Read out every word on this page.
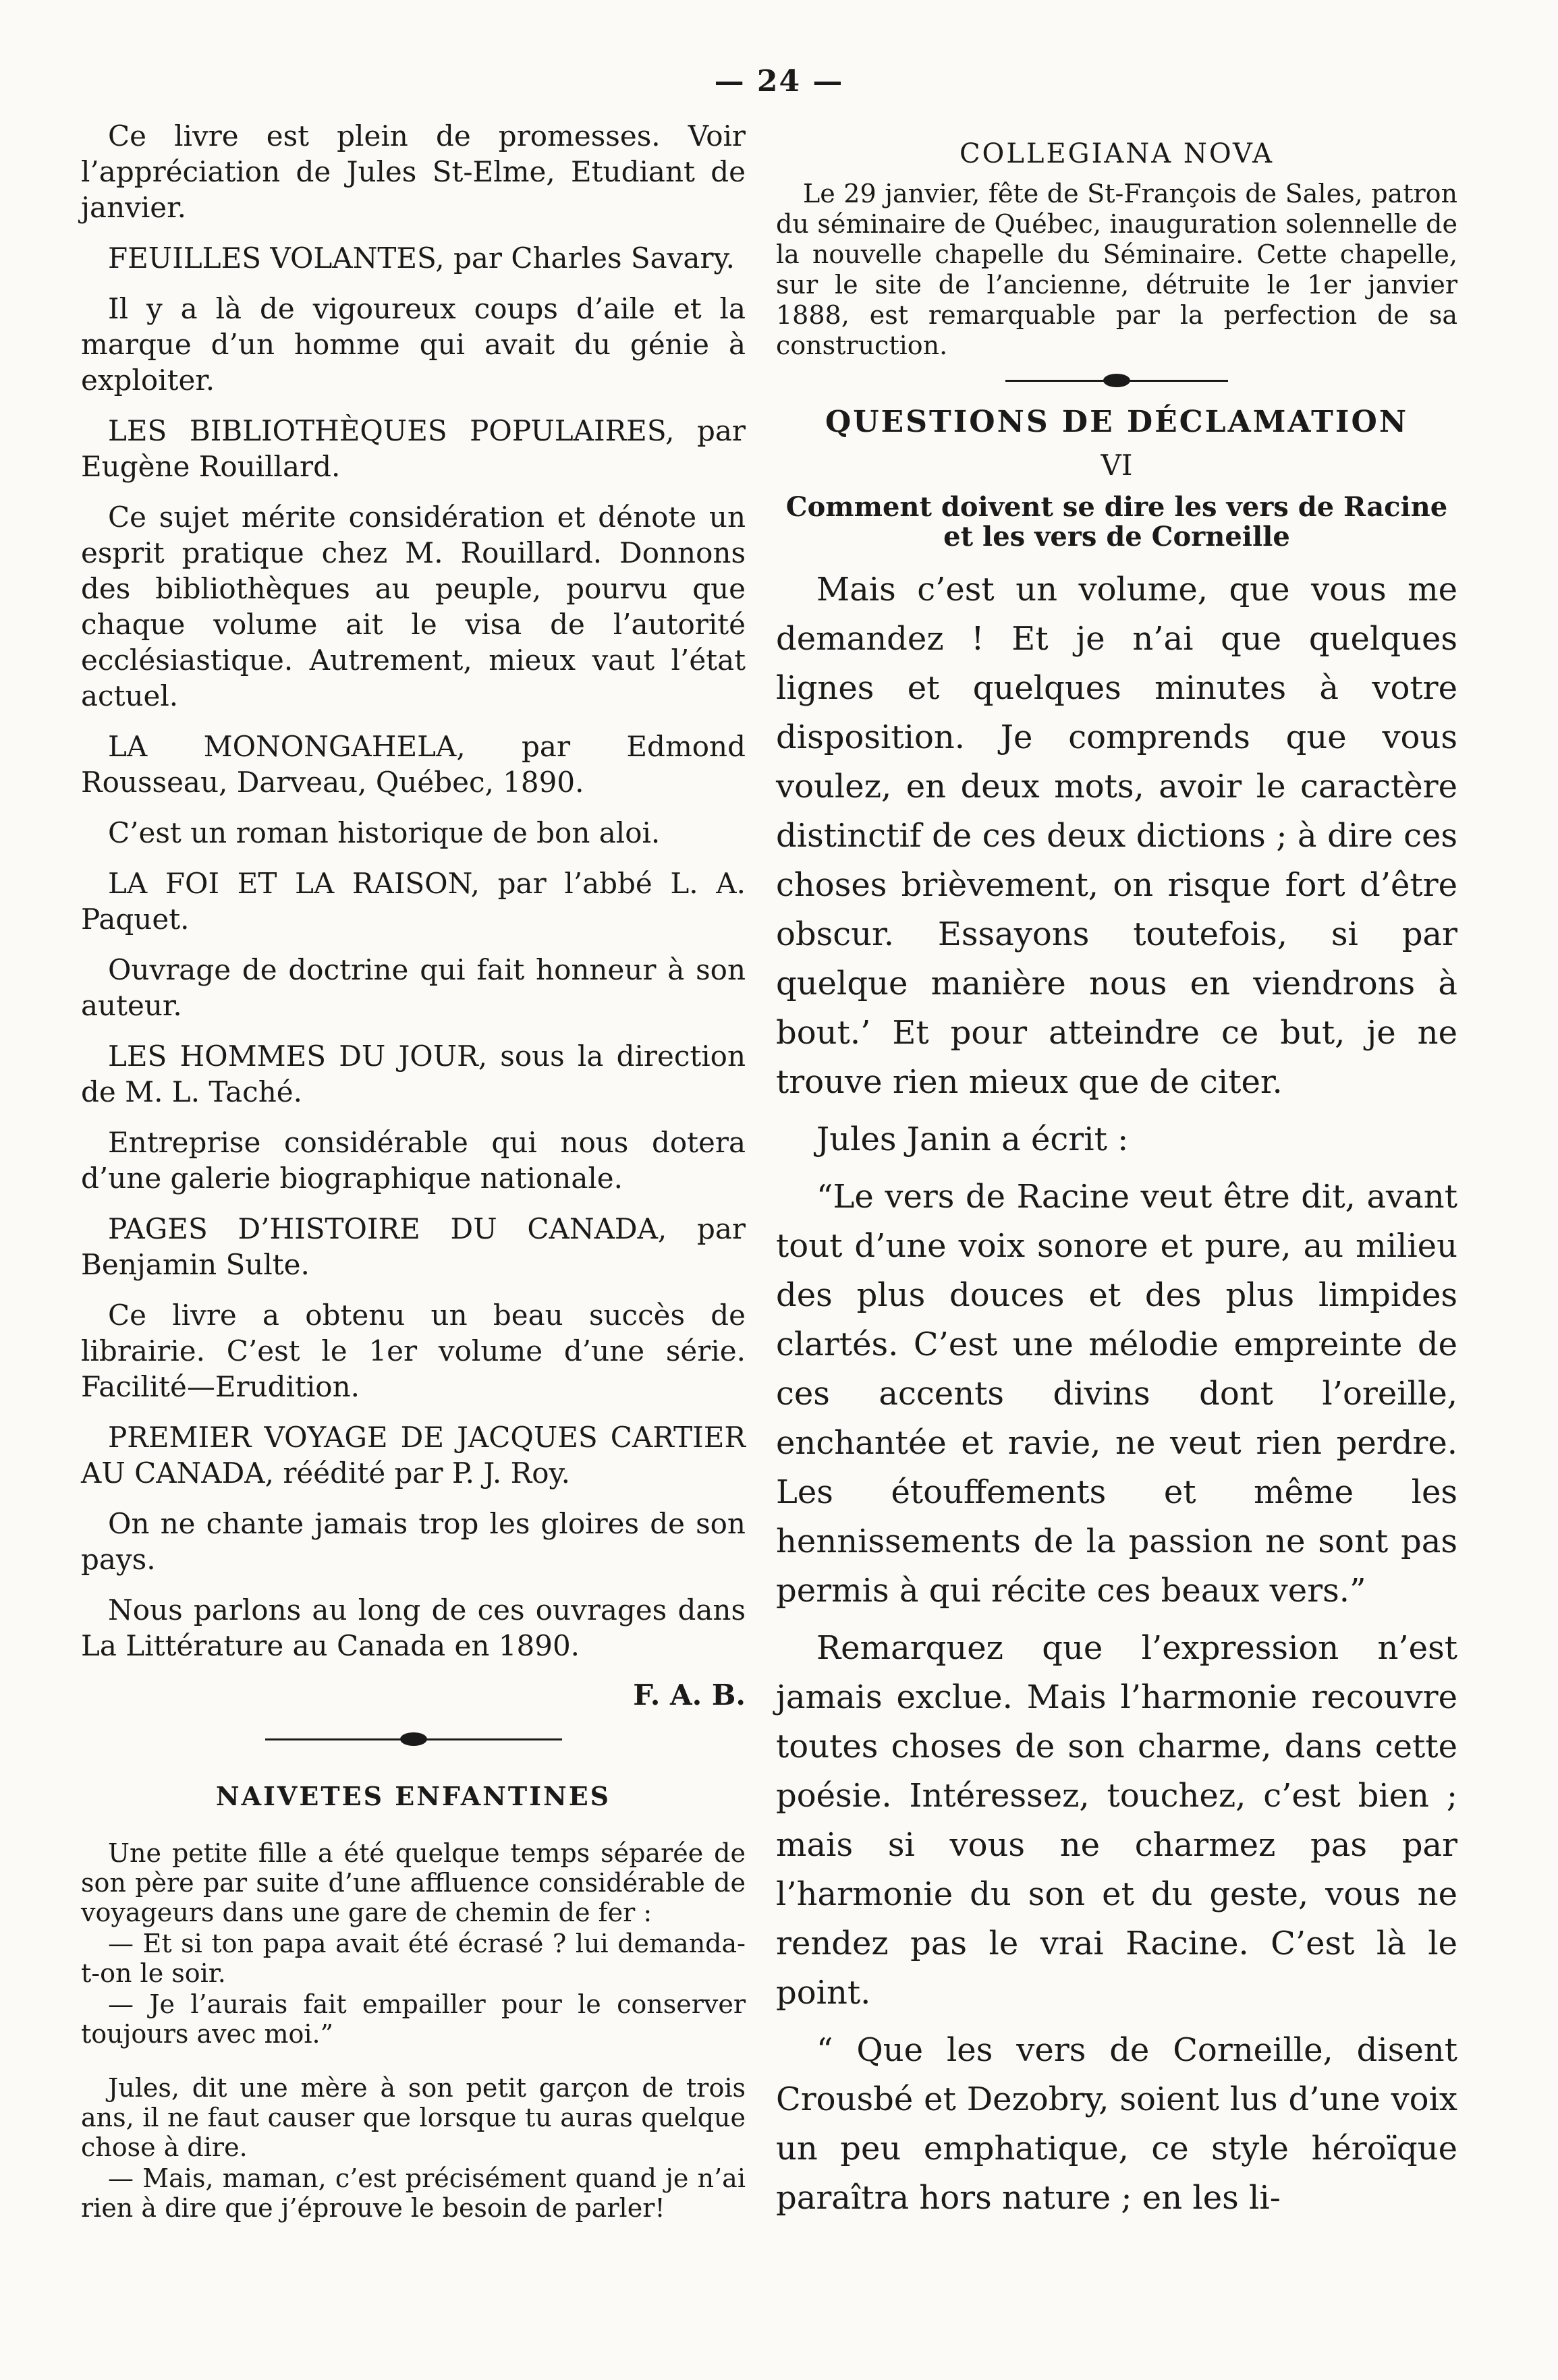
— 24 —

Ce livre est plein de promesses. Voir l’appréciation de Jules St-Elme, Etudiant de janvier.

FEUILLES VOLANTES, par Charles Savary.

Il y a là de vigoureux coups d’aile et la marque d’un homme qui avait du génie à exploiter.

LES BIBLIOTHÈQUES POPULAIRES, par Eugène Rouillard.

Ce sujet mérite considération et dénote un esprit pratique chez M. Rouillard. Donnons des bibliothèques au peuple, pourvu que chaque volume ait le visa de l’autorité ecclésiastique. Autrement, mieux vaut l’état actuel.

LA MONONGAHELA, par Edmond Rousseau, Darveau, Québec, 1890.

C’est un roman historique de bon aloi.

LA FOI ET LA RAISON, par l’abbé L. A. Paquet.

Ouvrage de doctrine qui fait honneur à son auteur.

LES HOMMES DU JOUR, sous la direction de M. L. Taché.

Entreprise considérable qui nous dotera d’une galerie biographique nationale.

PAGES D’HISTOIRE DU CANADA, par Benjamin Sulte.

Ce livre a obtenu un beau succès de librairie. C’est le 1er volume d’une série. Facilité—Erudition.

PREMIER VOYAGE DE JACQUES CARTIER AU CANADA, réédité par P. J. Roy.

On ne chante jamais trop les gloires de son pays.

Nous parlons au long de ces ouvrages dans La Littérature au Canada en 1890.

F. A. B.

NAIVETES ENFANTINES

Une petite fille a été quelque temps séparée de son père par suite d’une affluence considérable de voyageurs dans une gare de chemin de fer :

— Et si ton papa avait été écrasé ? lui demanda-t-on le soir.

— Je l’aurais fait empailler pour le conserver toujours avec moi.”

Jules, dit une mère à son petit garçon de trois ans, il ne faut causer que lorsque tu auras quelque chose à dire.

— Mais, maman, c’est précisément quand je n’ai rien à dire que j’éprouve le besoin de parler!

COLLEGIANA NOVA

Le 29 janvier, fête de St-François de Sales, patron du séminaire de Québec, inauguration solennelle de la nouvelle chapelle du Séminaire. Cette chapelle, sur le site de l’ancienne, détruite le 1er janvier 1888, est remarquable par la perfection de sa construction.

QUESTIONS DE DÉCLAMATION
VI
Comment doivent se dire les vers de Racine et les vers de Corneille

Mais c’est un volume, que vous me demandez ! Et je n’ai que quelques lignes et quelques minutes à votre disposition. Je comprends que vous voulez, en deux mots, avoir le caractère distinctif de ces deux dictions ; à dire ces choses brièvement, on risque fort d’être obscur. Essayons toutefois, si par quelque manière nous en viendrons à bout.’ Et pour atteindre ce but, je ne trouve rien mieux que de citer.

Jules Janin a écrit :

“Le vers de Racine veut être dit, avant tout d’une voix sonore et pure, au milieu des plus douces et des plus limpides clartés. C’est une mélodie empreinte de ces accents divins dont l’oreille, enchantée et ravie, ne veut rien perdre. Les étouffements et même les hennissements de la passion ne sont pas permis à qui récite ces beaux vers.”

Remarquez que l’expression n’est jamais exclue. Mais l’harmonie recouvre toutes choses de son charme, dans cette poésie. Intéressez, touchez, c’est bien ; mais si vous ne charmez pas par l’harmonie du son et du geste, vous ne rendez pas le vrai Racine. C’est là le point.

“ Que les vers de Corneille, disent Crousbé et Dezobry, soient lus d’une voix un peu emphatique, ce style héroïque paraîtra hors nature ; en les li-
